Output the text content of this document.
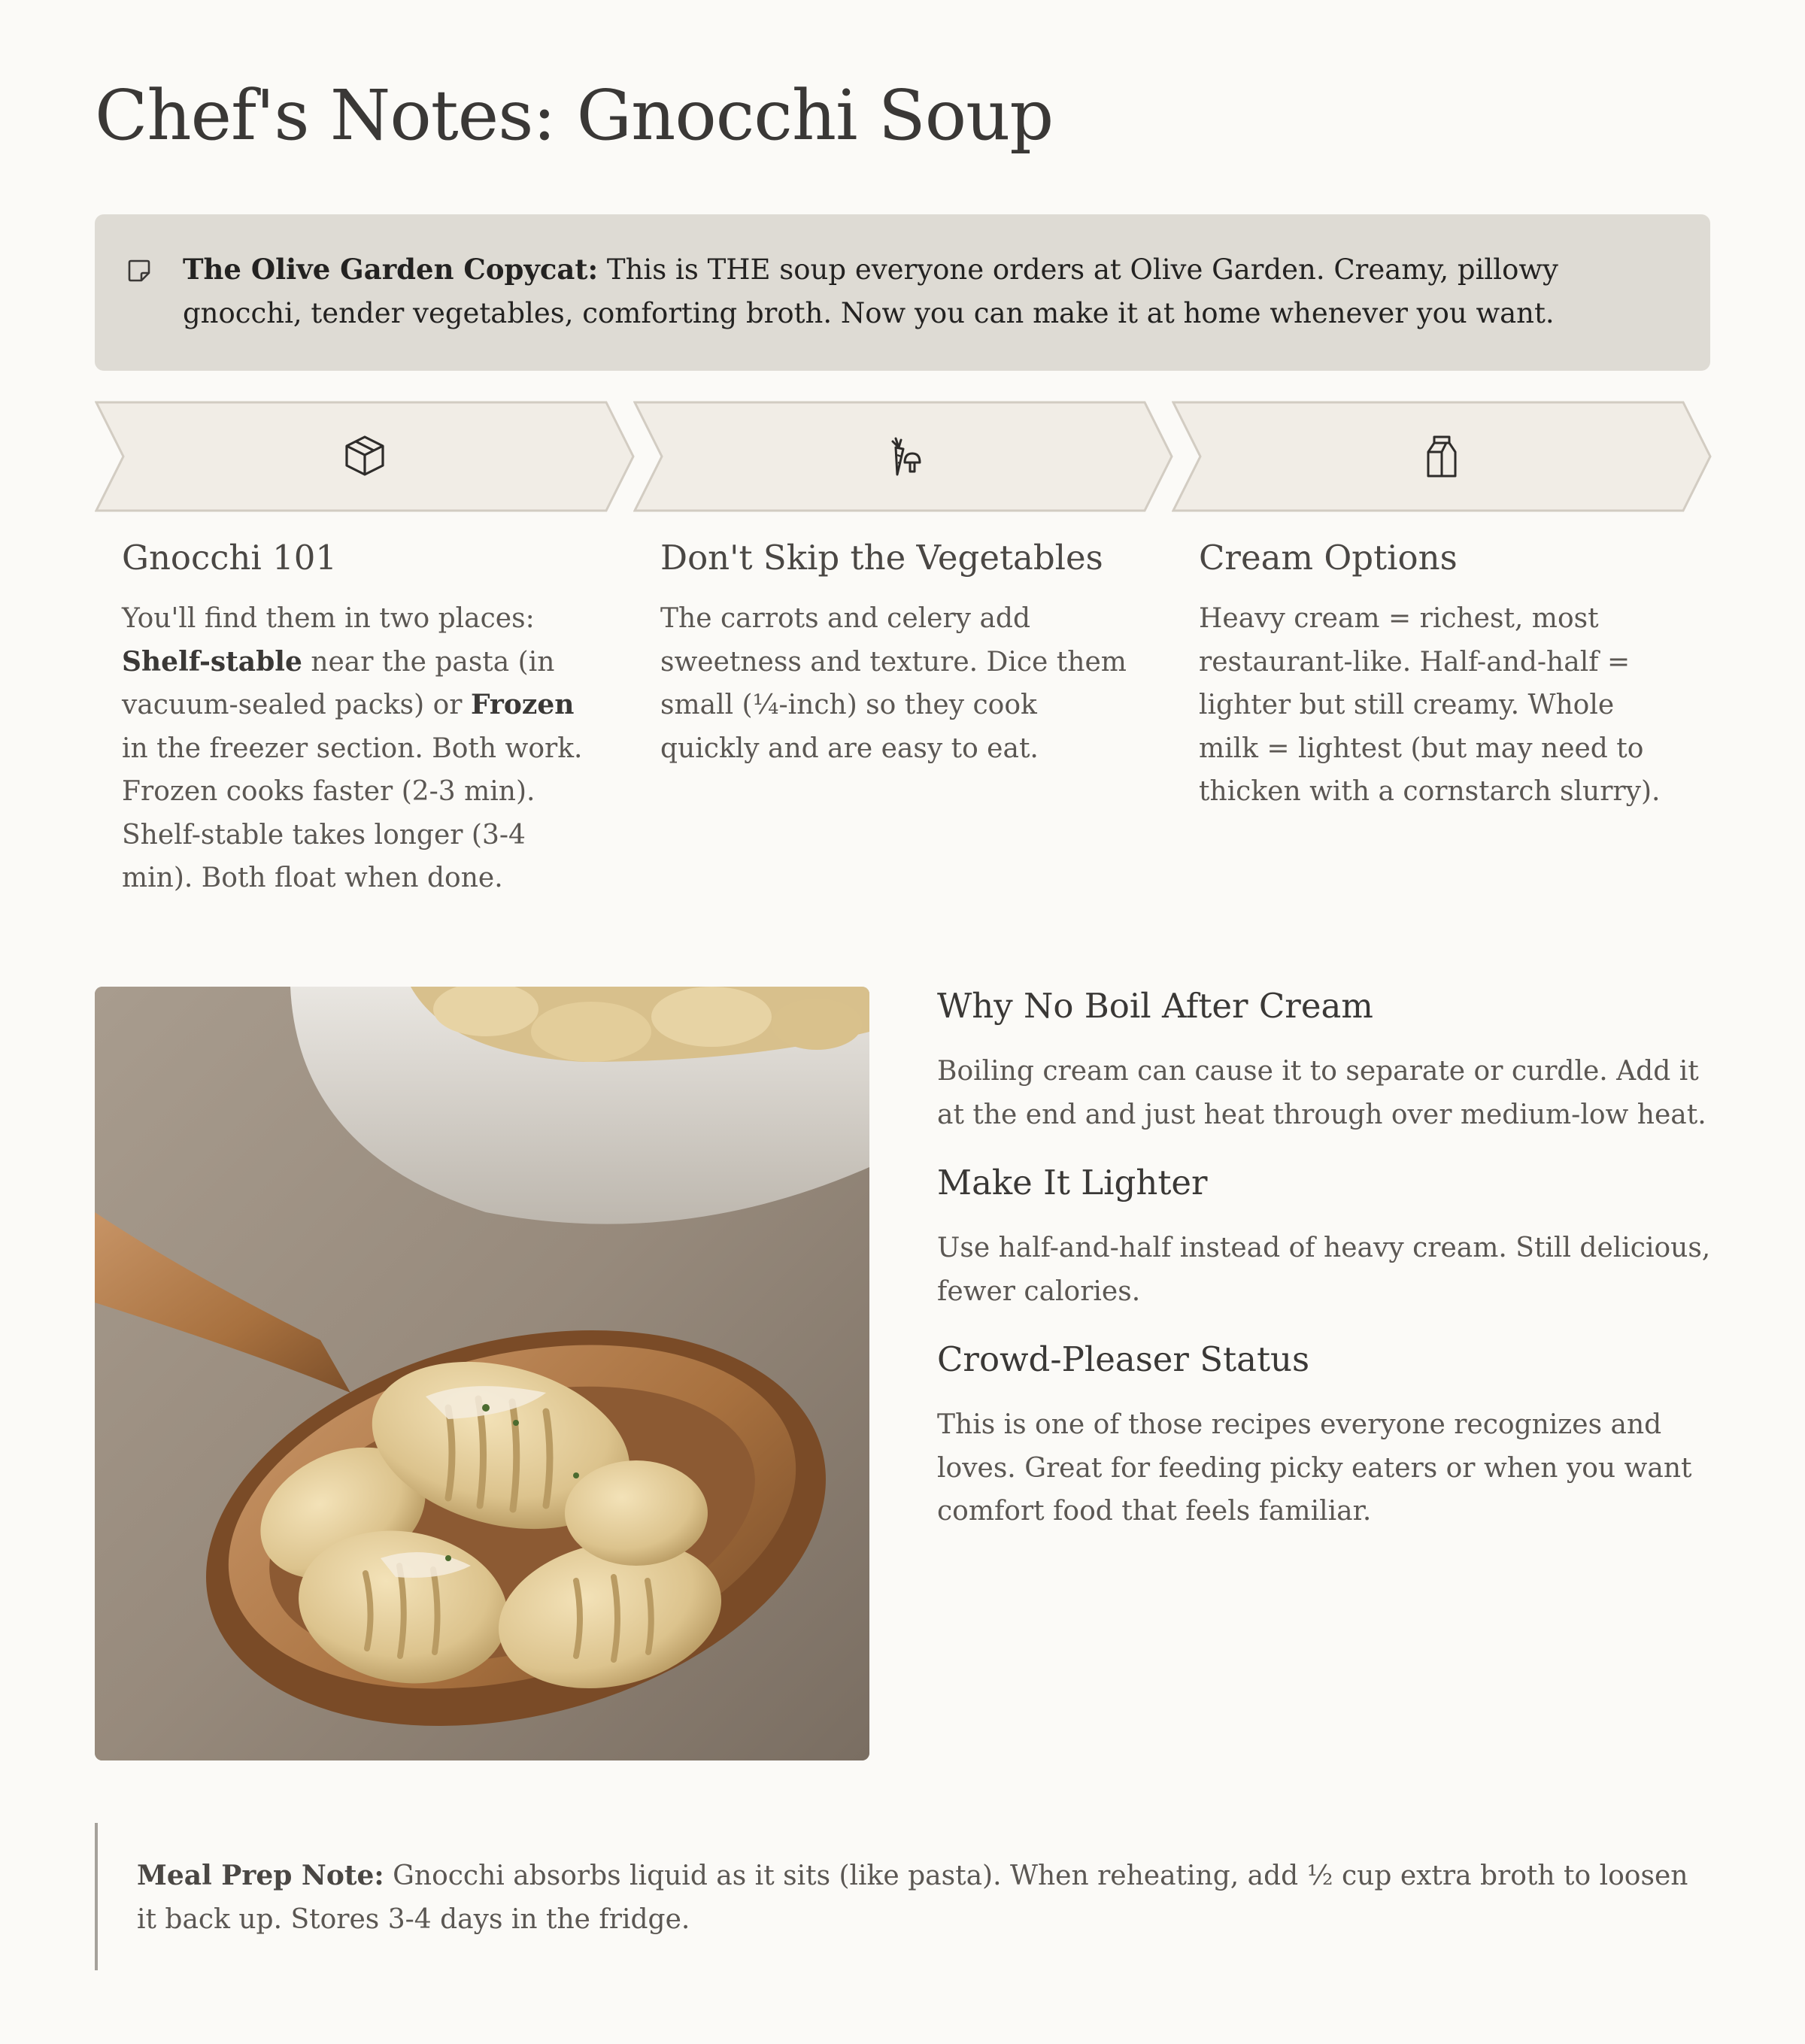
Chef's Notes: Gnocchi Soup
The Olive Garden Copycat: This is THE soup everyone orders at Olive Garden. Creamy, pillowy gnocchi, tender vegetables, comforting broth. Now you can make it at home whenever you want.
Gnocchi 101

You'll find them in two places: Shelf-stable near the pasta (in vacuum-sealed packs) or Frozen in the freezer section. Both work. Frozen cooks faster (2-3 min). Shelf-stable takes longer (3-4 min). Both float when done.

Don't Skip the Vegetables

The carrots and celery add sweetness and texture. Dice them small (¼-inch) so they cook quickly and are easy to eat.

Cream Options

Heavy cream = richest, most restaurant-like. Half-and-half = lighter but still creamy. Whole milk = lightest (but may need to thicken with a cornstarch slurry).

Why No Boil After Cream

Boiling cream can cause it to separate or curdle. Add it at the end and just heat through over medium-low heat.

Make It Lighter

Use half-and-half instead of heavy cream. Still delicious, fewer calories.

Crowd-Pleaser Status

This is one of those recipes everyone recognizes and loves. Great for feeding picky eaters or when you want comfort food that feels familiar.

Meal Prep Note: Gnocchi absorbs liquid as it sits (like pasta). When reheating, add ½ cup extra broth to loosen it back up. Stores 3-4 days in the fridge.
